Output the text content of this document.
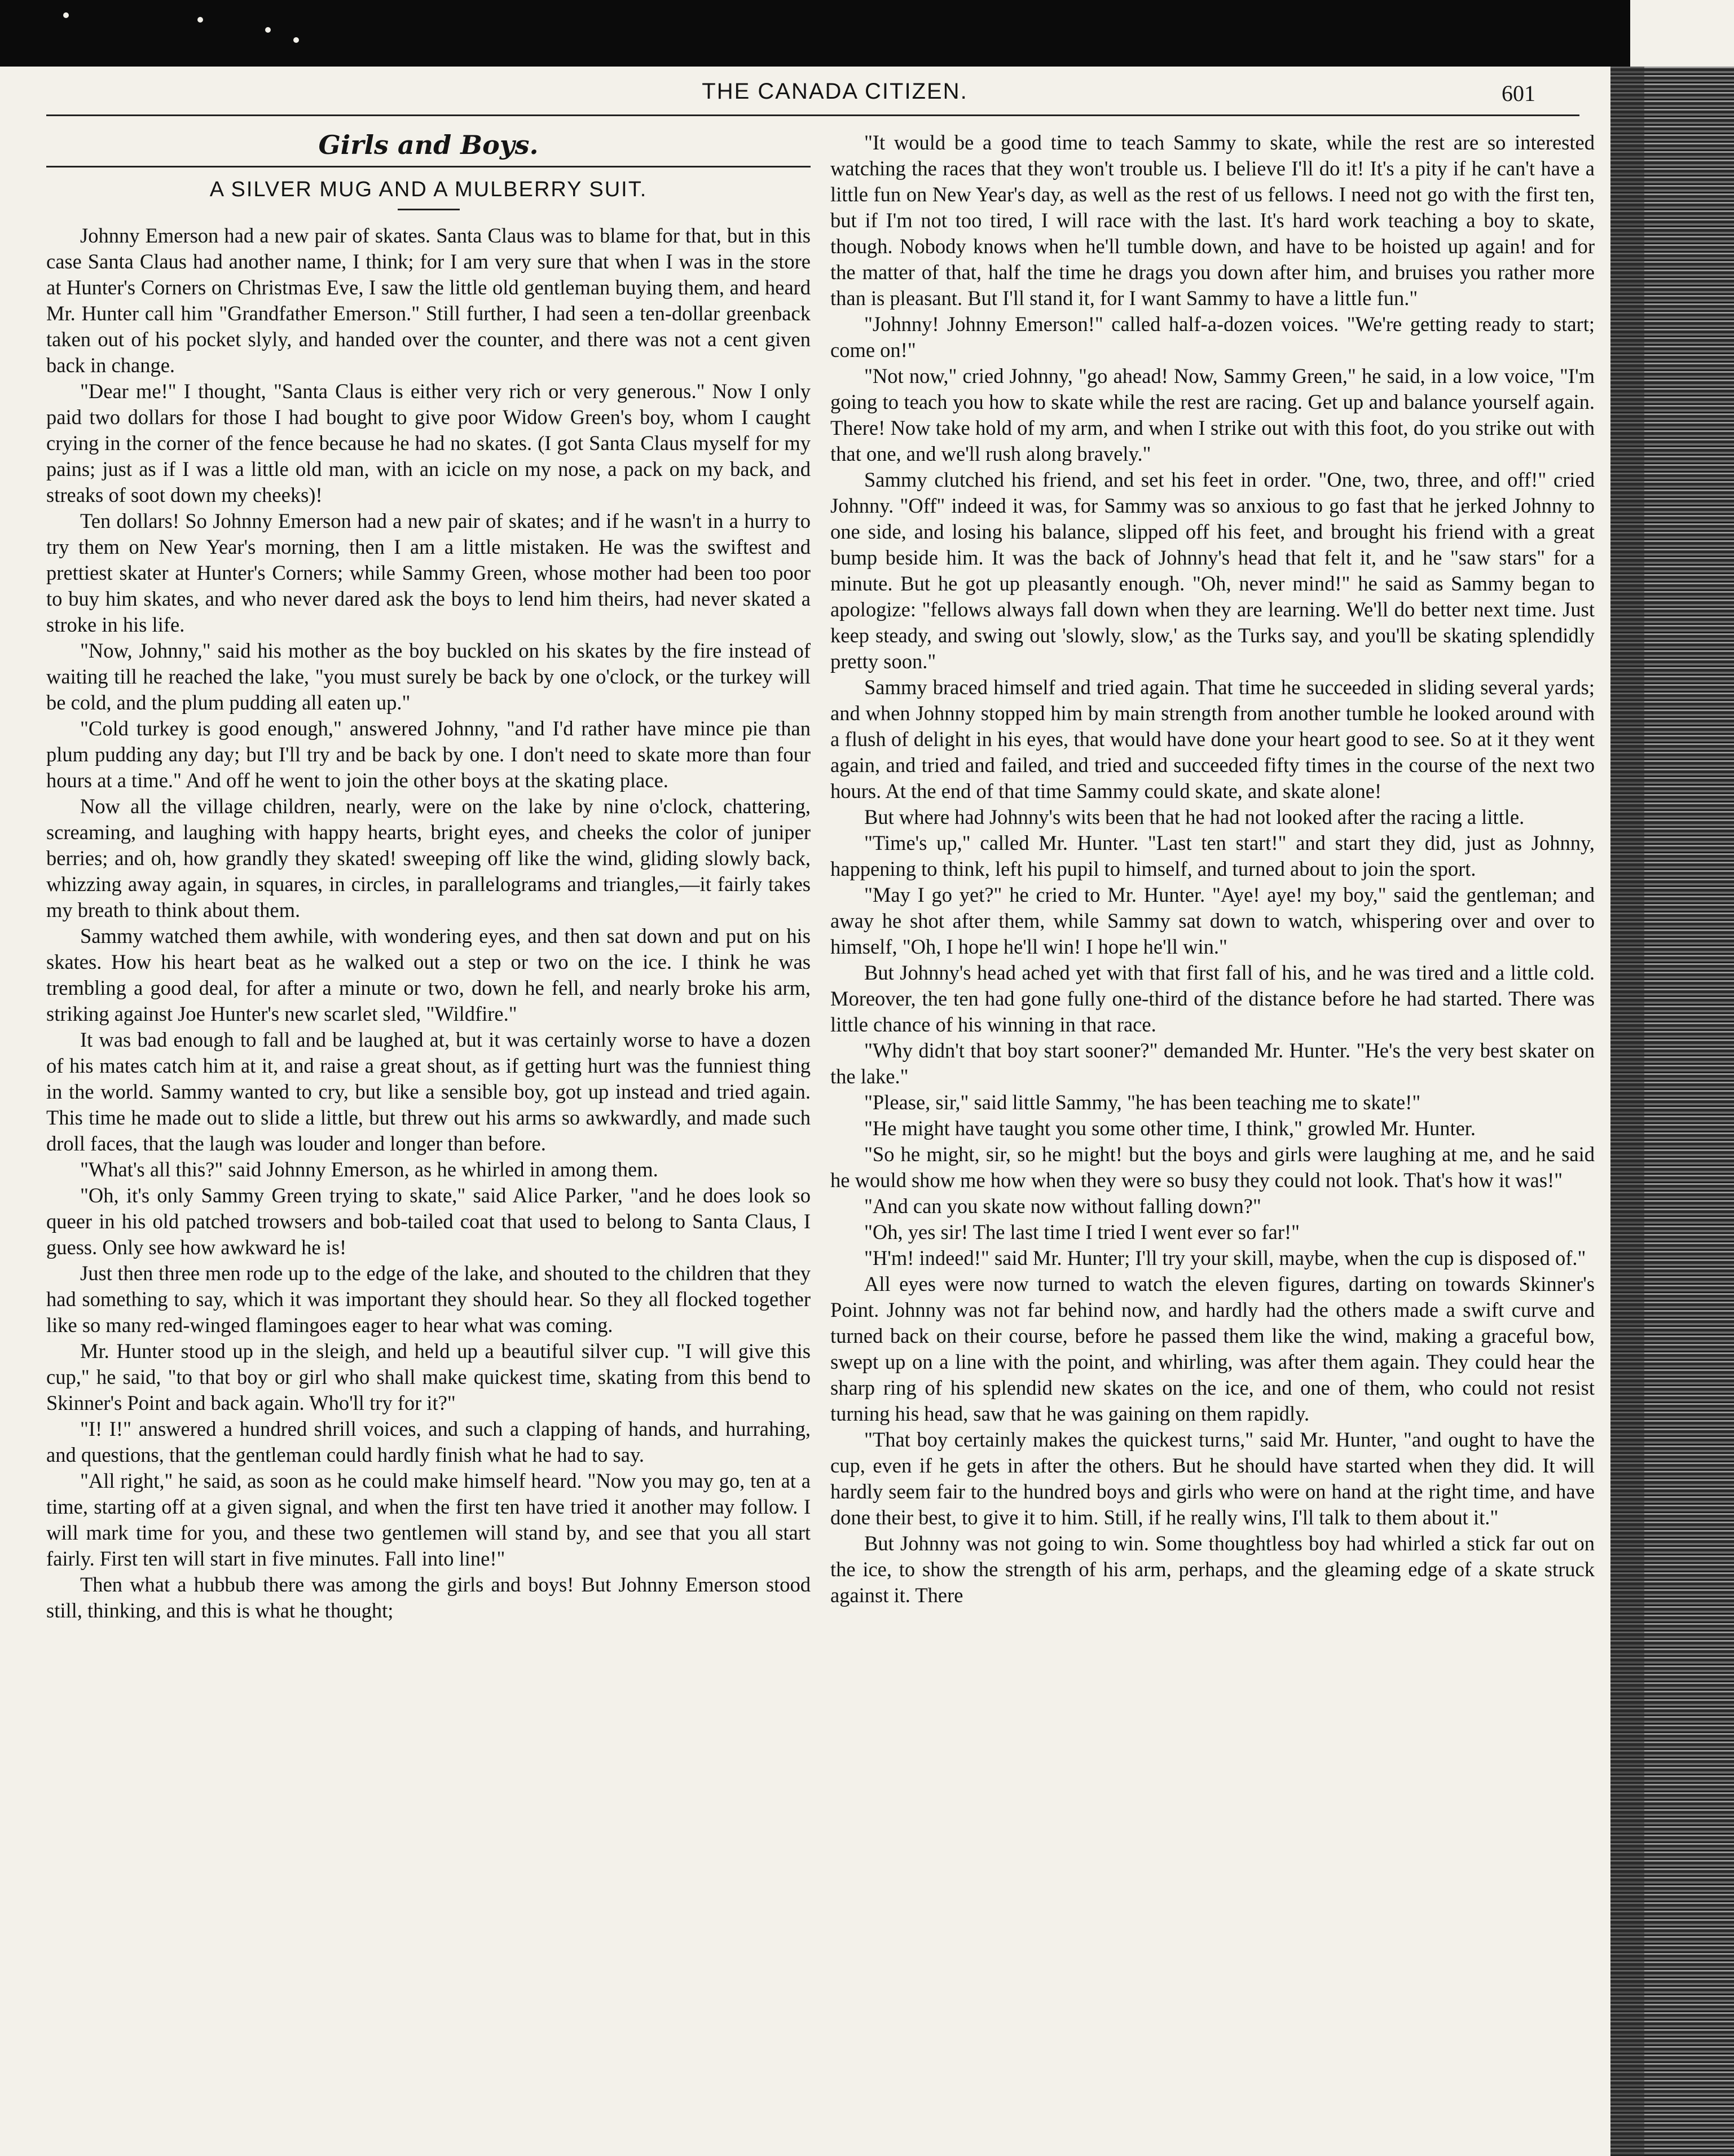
THE CANADA CITIZEN.	601
Girls and Boys.
A SILVER MUG AND A MULBERRY SUIT.

Johnny Emerson had a new pair of skates. Santa Claus was to blame for that, but in this case Santa Claus had another name, I think; for I am very sure that when I was in the store at Hunter's Corners on Christmas Eve, I saw the little old gentleman buying them, and heard Mr. Hunter call him "Grandfather Emerson." Still further, I had seen a ten-dollar greenback taken out of his pocket slyly, and handed over the counter, and there was not a cent given back in change.

"Dear me!" I thought, "Santa Claus is either very rich or very generous." Now I only paid two dollars for those I had bought to give poor Widow Green's boy, whom I caught crying in the corner of the fence because he had no skates. (I got Santa Claus myself for my pains; just as if I was a little old man, with an icicle on my nose, a pack on my back, and streaks of soot down my cheeks)!

Ten dollars! So Johnny Emerson had a new pair of skates; and if he wasn't in a hurry to try them on New Year's morning, then I am a little mistaken. He was the swiftest and prettiest skater at Hunter's Corners; while Sammy Green, whose mother had been too poor to buy him skates, and who never dared ask the boys to lend him theirs, had never skated a stroke in his life.

"Now, Johnny," said his mother as the boy buckled on his skates by the fire instead of waiting till he reached the lake, "you must surely be back by one o'clock, or the turkey will be cold, and the plum pudding all eaten up."

"Cold turkey is good enough," answered Johnny, "and I'd rather have mince pie than plum pudding any day; but I'll try and be back by one. I don't need to skate more than four hours at a time." And off he went to join the other boys at the skating place.

Now all the village children, nearly, were on the lake by nine o'clock, chattering, screaming, and laughing with happy hearts, bright eyes, and cheeks the color of juniper berries; and oh, how grandly they skated! sweeping off like the wind, gliding slowly back, whizzing away again, in squares, in circles, in parallelograms and triangles,—it fairly takes my breath to think about them.

Sammy watched them awhile, with wondering eyes, and then sat down and put on his skates. How his heart beat as he walked out a step or two on the ice. I think he was trembling a good deal, for after a minute or two, down he fell, and nearly broke his arm, striking against Joe Hunter's new scarlet sled, "Wildfire."

It was bad enough to fall and be laughed at, but it was certainly worse to have a dozen of his mates catch him at it, and raise a great shout, as if getting hurt was the funniest thing in the world. Sammy wanted to cry, but like a sensible boy, got up instead and tried again. This time he made out to slide a little, but threw out his arms so awkwardly, and made such droll faces, that the laugh was louder and longer than before.

"What's all this?" said Johnny Emerson, as he whirled in among them.

"Oh, it's only Sammy Green trying to skate," said Alice Parker, "and he does look so queer in his old patched trowsers and bob-tailed coat that used to belong to Santa Claus, I guess. Only see how awkward he is!

Just then three men rode up to the edge of the lake, and shouted to the children that they had something to say, which it was important they should hear. So they all flocked together like so many red-winged flamingoes eager to hear what was coming.

Mr. Hunter stood up in the sleigh, and held up a beautiful silver cup. "I will give this cup," he said, "to that boy or girl who shall make quickest time, skating from this bend to Skinner's Point and back again. Who'll try for it?"

"I! I!" answered a hundred shrill voices, and such a clapping of hands, and hurrahing, and questions, that the gentleman could hardly finish what he had to say.

"All right," he said, as soon as he could make himself heard. "Now you may go, ten at a time, starting off at a given signal, and when the first ten have tried it another may follow. I will mark time for you, and these two gentlemen will stand by, and see that you all start fairly. First ten will start in five minutes. Fall into line!"

Then what a hubbub there was among the girls and boys! But Johnny Emerson stood still, thinking, and this is what he thought;

"It would be a good time to teach Sammy to skate, while the rest are so interested watching the races that they won't trouble us. I believe I'll do it! It's a pity if he can't have a little fun on New Year's day, as well as the rest of us fellows. I need not go with the first ten, but if I'm not too tired, I will race with the last. It's hard work teaching a boy to skate, though. Nobody knows when he'll tumble down, and have to be hoisted up again! and for the matter of that, half the time he drags you down after him, and bruises you rather more than is pleasant. But I'll stand it, for I want Sammy to have a little fun."

"Johnny! Johnny Emerson!" called half-a-dozen voices. "We're getting ready to start; come on!"

"Not now," cried Johnny, "go ahead! Now, Sammy Green," he said, in a low voice, "I'm going to teach you how to skate while the rest are racing. Get up and balance yourself again. There! Now take hold of my arm, and when I strike out with this foot, do you strike out with that one, and we'll rush along bravely."

Sammy clutched his friend, and set his feet in order. "One, two, three, and off!" cried Johnny. "Off" indeed it was, for Sammy was so anxious to go fast that he jerked Johnny to one side, and losing his balance, slipped off his feet, and brought his friend with a great bump beside him. It was the back of Johnny's head that felt it, and he "saw stars" for a minute. But he got up pleasantly enough. "Oh, never mind!" he said as Sammy began to apologize: "fellows always fall down when they are learning. We'll do better next time. Just keep steady, and swing out 'slowly, slow,' as the Turks say, and you'll be skating splendidly pretty soon."

Sammy braced himself and tried again. That time he succeeded in sliding several yards; and when Johnny stopped him by main strength from another tumble he looked around with a flush of delight in his eyes, that would have done your heart good to see. So at it they went again, and tried and failed, and tried and succeeded fifty times in the course of the next two hours. At the end of that time Sammy could skate, and skate alone!

But where had Johnny's wits been that he had not looked after the racing a little.

"Time's up," called Mr. Hunter. "Last ten start!" and start they did, just as Johnny, happening to think, left his pupil to himself, and turned about to join the sport.

"May I go yet?" he cried to Mr. Hunter. "Aye! aye! my boy," said the gentleman; and away he shot after them, while Sammy sat down to watch, whispering over and over to himself, "Oh, I hope he'll win! I hope he'll win."

But Johnny's head ached yet with that first fall of his, and he was tired and a little cold. Moreover, the ten had gone fully one-third of the distance before he had started. There was little chance of his winning in that race.

"Why didn't that boy start sooner?" demanded Mr. Hunter. "He's the very best skater on the lake."

"Please, sir," said little Sammy, "he has been teaching me to skate!"

"He might have taught you some other time, I think," growled Mr. Hunter.

"So he might, sir, so he might! but the boys and girls were laughing at me, and he said he would show me how when they were so busy they could not look. That's how it was!"

"And can you skate now without falling down?"

"Oh, yes sir! The last time I tried I went ever so far!"

"H'm! indeed!" said Mr. Hunter; I'll try your skill, maybe, when the cup is disposed of."

All eyes were now turned to watch the eleven figures, darting on towards Skinner's Point. Johnny was not far behind now, and hardly had the others made a swift curve and turned back on their course, before he passed them like the wind, making a graceful bow, swept up on a line with the point, and whirling, was after them again. They could hear the sharp ring of his splendid new skates on the ice, and one of them, who could not resist turning his head, saw that he was gaining on them rapidly.

"That boy certainly makes the quickest turns," said Mr. Hunter, "and ought to have the cup, even if he gets in after the others. But he should have started when they did. It will hardly seem fair to the hundred boys and girls who were on hand at the right time, and have done their best, to give it to him. Still, if he really wins, I'll talk to them about it."

But Johnny was not going to win. Some thoughtless boy had whirled a stick far out on the ice, to show the strength of his arm, perhaps, and the gleaming edge of a skate struck against it. There
